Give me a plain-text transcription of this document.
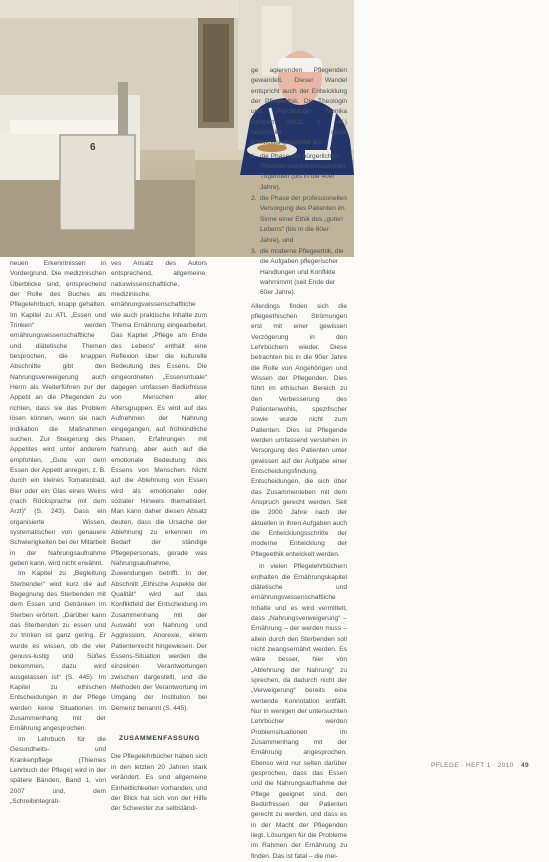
6

neuen Erkenntnissen in Vordergrund. Die medizinischen Überblicke sind, entsprechend der Rolle des Buches als Pflegelehrbuch, knapp gehalten. Im Kapitel zu ATL „Essen und Trinken“ werden ernährungswissenschaftliche und diätetische Themen besprochen, die knappen Abschnitte gibt den Nahrungsverweigerung auch Herrn als Weiterführen zur der Appetit an die Pflegenden zu richten, dass sie das Problem lösen können, wenn sie nach Indikation die Maßnahmen suchen. Zur Steigerung des Appetites wird unter anderem empfohlen, „Gute von dem Essen der Appetit anregen, z. B. durch ein kleines Tomatenbad, Bier oder ein Glas eines Weins (nach Rücksprache mit dem Arzt)“ (S. 243). Dass ein organisierte Wissen, systematischen von genauere Schwierigkeiten bei der Mitarbeit in der Nahrungsaufnahme geben kann, wird nicht erwähnt.

Im Kapitel zu „Begleitung Sterbender“ wird kurz die auf Begegnung des Sterbenden mit dem Essen und Getränken im Sterben erörtert. „Darüber kann das Sterbenden zu essen und zu trinken ist ganz gering. Er wurde es wissen, ob die vier genuss-lustig und Süßes bekommen, dazu wird ausgelassen ist“ (S. 445). Im Kapitel zu ethischen Entscheidungen in der Pflege werden keine Situationen im Zusammenhang mit der Ernährung angesprochen.

Im Lehrbuch für die Gesundheits- und Krankenpflege (Thiemes Lehrbuch der Pflege) wird in der spätere Bänden, Band 1, von 2007 und, dem „Schreibintegrati-

ves Ansatz des Autors entsprechend, allgemeine, naturwissenschaftliche, medizinische, ernährungswissenschaftliche wie auch praktische Inhalte zum Thema Ernährung eingearbeitet. Das Kapitel „Pflege am Ende des Lebens“ enthält eine Reflexion über die kulturelle Bedeutung des Essens. Die eingeordneten „Essensrituale“ dagegen umfassen Bedürfnisse von Menschen aller Altersgruppen. Es wird auf das Aufnehmen der Nahrung eingegangen, auf frühkindliche Phasen, Erfahrungen mit Nahrung, aber auch auf die emotionale Bedeutung des Essens von Menschen. Nicht auf die Ablehnung von Essen wird als emotionaler oder sozialer Hinweis thematisiert. Man kann daher diesen Absatz deuten, dass die Ursache der Ablehnung zu erkennen im Bedarf der ständige Pflegepersonals, gerade was Nahrungsaufnahme, Zuwendungen betrifft. In der Abschnitt „Ethische Aspekte der Qualität“ wird auf das Konfliktfeld der Entscheidung im Zusammenhang mit der Auswahl von Nahrung und Aggression, Anorexie, einem Patientenrecht hingewiesen. Der Essens-Situation werden die einzelnen Verantwortungen zwischen dargestellt, und die Methoden der Verantwortung im Umgang der Institution bei Demenz benannt (S. 445).

ZUSAMMENFASSUNG

Die Pflegelehrbücher haben sich in den letzten 20 Jahren stark verändert. Es sind allgemeine Einheitlichkeiten vorhanden, und der Blick hat sich von der Hilfe der Schwester zur selbständi-

ge agierenden Pflegenden gewandelt. Dieser Wandel entspricht auch der Entwicklung der Pflegeethik. Die Theologin und Psychologin Monika Bobbert (2002, S. 44f.) beschreibt diese Entwicklungsschritte als

1. die Phase der bürgerlichen Pflichten und konfessionellen Tugenden (bis in die 40er Jahre),
2. die Phase der professionellen Versorgung des Patienten im Sinne einer Ethik des „guten Lebens“ (bis in die 60er Jahre), und
3. die moderne Pflegeethik, die die Aufgaben pflegerischer Handlungen und Konflikte wahrnimmt (seit Ende der 60er Jahre).

Allerdings finden sich die pflegeethischen Strömungen erst mit einer gewissen Verzögerung in den Lehrbüchern wieder. Diese betrachten bis in die 90er Jahre die Rolle von Angehörigen und Wissen der Pflegenden. Dies führt im ethischen Bereich zu den Verbesserung des Patientenwohls, spezifischer sowie wurde nicht zum Patienten. Dies ist Pflegende werden umfassend verstehen in Versorgung des Patienten unter gewissen auf der Aufgabe einer Entscheidungsfindung, Entscheidungen, die sich über das Zusammenleben mit dem Anspruch gerecht werden. Seit die 2000 Jahre nach der aktuellen in ihren Aufgaben auch die Entwicklungsschritte der moderne Entwicklung der Pflegeethik entwickelt werden.

In vielen Pflegelehrbüchern enthalten die Ernährungskapitel diätetische und ernährungswissenschaftliche Inhalte und es wird vermittelt, dass „Nahrungsverweigerung“ – Ernährung – der werden muss – allein durch den Sterbenden soll nicht zwangsernährt werden. Es wäre besser, hier von „Ablehnung der Nahrung“ zu sprechen, da dadurch nicht der „Verweigerung“ bereits eine wertende Konnotation entfällt. Nur in wenigen der untersuchten Lehrbücher werden Problemsituationen im Zusammenhang mit der Ernährung angesprochen. Ebenso wird nur selten darüber gesprochen, dass das Essen und die Nahrungsaufnahme der Pflege geeignet sind, den Bedürfnissen der Patienten gerecht zu werden, und dass es in der Macht der Pflegenden liegt, Lösungen für die Probleme im Rahmen der Ernährung zu finden. Das ist fatal – die mei-

PFLEGE · HEFT 1 · 2010 49
